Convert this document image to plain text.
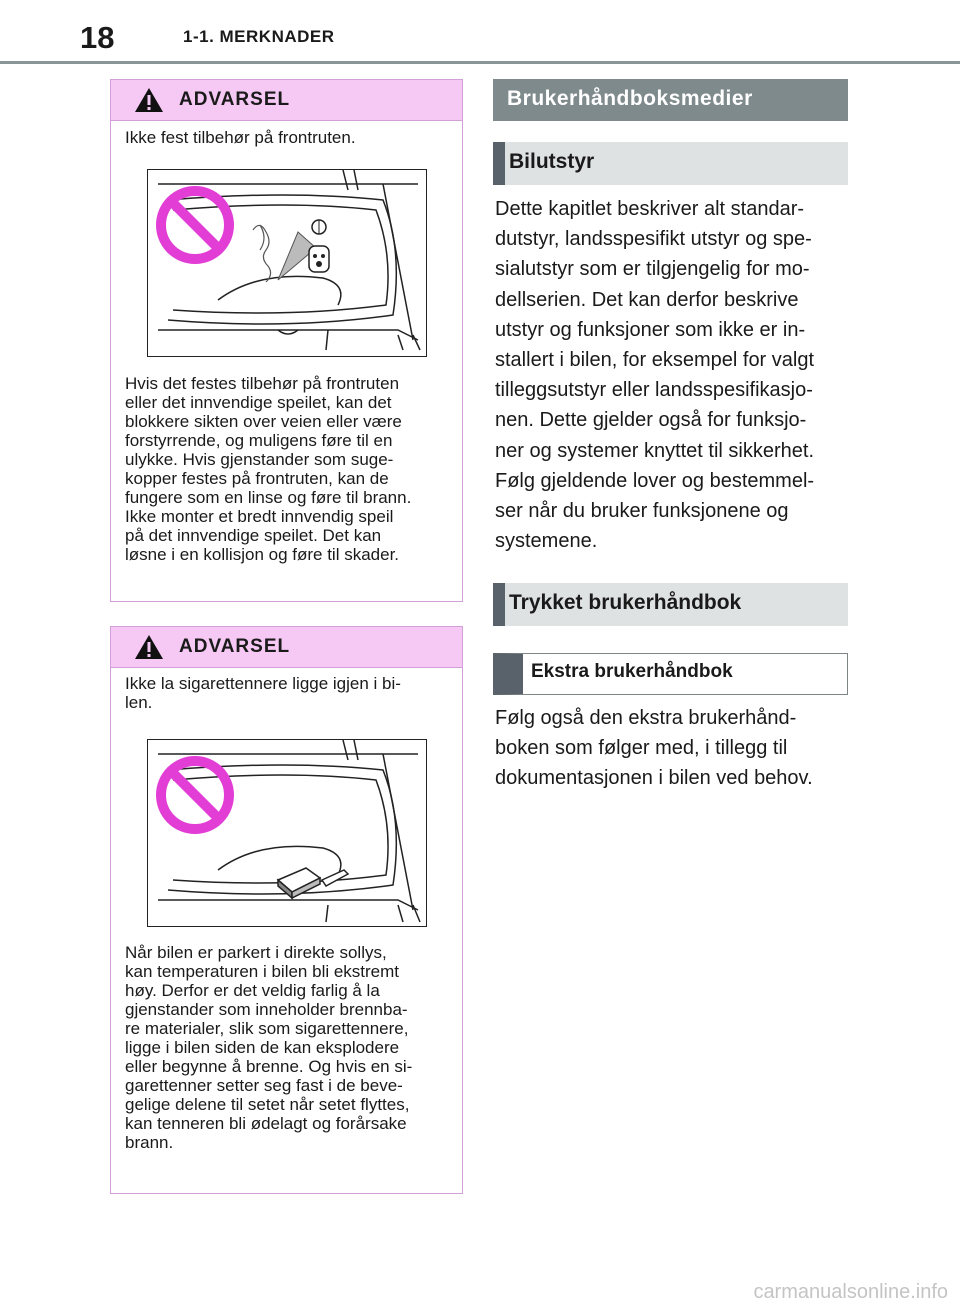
18	1-1. MERKNADER
ADVARSEL
Ikke fest tilbehør på frontruten.
Hvis det festes tilbehør på frontruten
eller det innvendige speilet, kan det
blokkere sikten over veien eller være
forstyrrende, og muligens føre til en
ulykke. Hvis gjenstander som suge-
kopper festes på frontruten, kan de
fungere som en linse og føre til brann.
Ikke monter et bredt innvendig speil
på det innvendige speilet. Det kan
løsne i en kollisjon og føre til skader.
ADVARSEL
Ikke la sigarettennere ligge igjen i bi-
len.
Når bilen er parkert i direkte sollys,
kan temperaturen i bilen bli ekstremt
høy. Derfor er det veldig farlig å la
gjenstander som inneholder brennba-
re materialer, slik som sigarettennere,
ligge i bilen siden de kan eksplodere
eller begynne å brenne. Og hvis en si-
garettenner setter seg fast i de beve-
gelige delene til setet når setet flyttes,
kan tenneren bli ødelagt og forårsake
brann.
Brukerhåndboksmedier
Bilutstyr
Dette kapitlet beskriver alt standar-
dutstyr, landsspesifikt utstyr og spe-
sialutstyr som er tilgjengelig for mo-
dellserien. Det kan derfor beskrive
utstyr og funksjoner som ikke er in-
stallert i bilen, for eksempel for valgt
tilleggsutstyr eller landsspesifikasjo-
nen. Dette gjelder også for funksjo-
ner og systemer knyttet til sikkerhet.
Følg gjeldende lover og bestemmel-
ser når du bruker funksjonene og
systemene.
Trykket brukerhåndbok
Ekstra brukerhåndbok
Følg også den ekstra brukerhånd-
boken som følger med, i tillegg til
dokumentasjonen i bilen ved behov.
carmanualsonline.info
